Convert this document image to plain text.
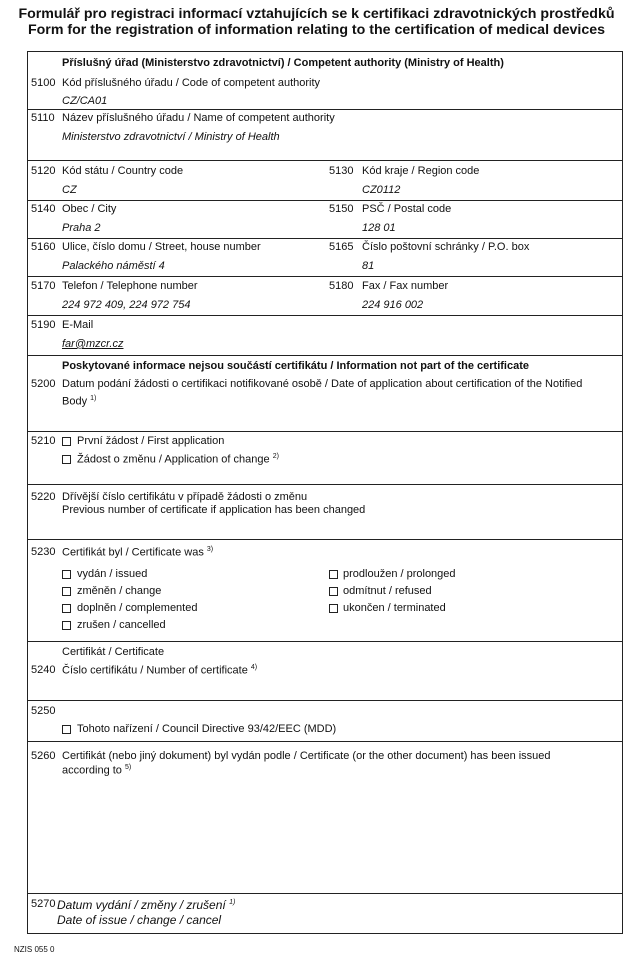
Formulář pro registraci informací vztahujících se k certifikaci zdravotnických prostředků
Form for the registration of information relating to the certification of medical devices
Příslušný úřad (Ministerstvo zdravotnictví) / Competent authority (Ministry of Health)
5100 Kód příslušného úřadu / Code of competent authority
CZ/CA01
5110 Název příslušného úřadu / Name of competent authority
Ministerstvo zdravotnictví / Ministry of Health
5120 Kód státu / Country code
CZ
5130 Kód kraje / Region code
CZ0112
5140 Obec / City
Praha 2
5150 PSČ / Postal code
128 01
5160 Ulice, číslo domu / Street, house number
Palackého náměstí 4
5165 Číslo poštovní schránky / P.O. box
81
5170 Telefon / Telephone number
224 972 409, 224 972 754
5180 Fax / Fax number
224 916 002
5190 E-Mail
far@mzcr.cz
Poskytované informace nejsou součástí certifikátu / Information not part of the certificate
5200 Datum podání žádosti o certifikaci notifikované osobě / Date of application about certification of the Notified
Body $^{1)}$
5210 První žádost / First application
Žádost o změnu / Application of change $^{2)}$
5220 Dřívější číslo certifikátu v případě žádosti o změnu
Previous number of certificate if application has been changed
5230 Certifikát byl / Certificate was $^{3)}$
vydán / issued
změněn / change
doplněn / complemented
zrušen / cancelled
prodloužen / prolonged
odmítnut / refused
ukončen / terminated
Certifikát / Certificate
5240 Číslo certifikátu / Number of certificate $^{4)}$
5250
Tohoto nařízení / Council Directive 93/42/EEC (MDD)
5260 Certifikát (nebo jiný dokument) byl vydán podle / Certificate (or the other document) has been issued
according to $^{5)}$
5270 Datum vydání / změny / zrušení $^{1)}$
Date of issue / change / cancel
NZIS 055 0
